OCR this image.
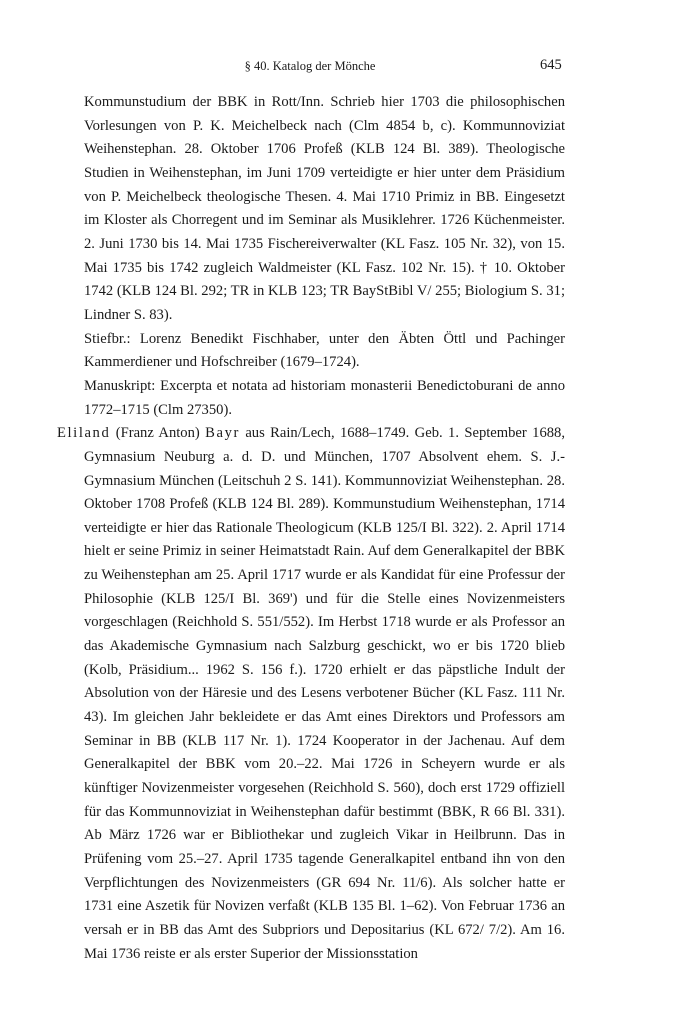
§ 40. Katalog der Mönche	645

Kommunstudium der BBK in Rott/Inn. Schrieb hier 1703 die philosophischen Vorlesungen von P. K. Meichelbeck nach (Clm 4854 b, c). Kommunnoviziat Weihenstephan. 28. Oktober 1706 Profeß (KLB 124 Bl. 389). Theologische Studien in Weihenstephan, im Juni 1709 verteidigte er hier unter dem Präsidium von P. Meichelbeck theologische Thesen. 4. Mai 1710 Primiz in BB. Eingesetzt im Kloster als Chorregent und im Seminar als Musiklehrer. 1726 Küchenmeister. 2. Juni 1730 bis 14. Mai 1735 Fischereiverwalter (KL Fasz. 105 Nr. 32), von 15. Mai 1735 bis 1742 zugleich Waldmeister (KL Fasz. 102 Nr. 15). † 10. Oktober 1742 (KLB 124 Bl. 292; TR in KLB 123; TR BayStBibl V/ 255; Biologium S. 31; Lindner S. 83).

Stiefbr.: Lorenz Benedikt Fischhaber, unter den Äbten Öttl und Pachinger Kammerdiener und Hofschreiber (1679–1724).

Manuskript: Excerpta et notata ad historiam monasterii Benedictoburani de anno 1772–1715 (Clm 27350).

Eliland (Franz Anton) Bayr aus Rain/Lech, 1688–1749. Geb. 1. September 1688, Gymnasium Neuburg a. d. D. und München, 1707 Absolvent ehem. S. J.-Gymnasium München (Leitschuh 2 S. 141). Kommunnoviziat Weihenstephan. 28. Oktober 1708 Profeß (KLB 124 Bl. 289). Kommunstudium Weihenstephan, 1714 verteidigte er hier das Rationale Theologicum (KLB 125/I Bl. 322). 2. April 1714 hielt er seine Primiz in seiner Heimatstadt Rain. Auf dem Generalkapitel der BBK zu Weihenstephan am 25. April 1717 wurde er als Kandidat für eine Professur der Philosophie (KLB 125/I Bl. 369') und für die Stelle eines Novizenmeisters vorgeschlagen (Reichhold S. 551/552). Im Herbst 1718 wurde er als Professor an das Akademische Gymnasium nach Salzburg geschickt, wo er bis 1720 blieb (Kolb, Präsidium... 1962 S. 156 f.). 1720 erhielt er das päpstliche Indult der Absolution von der Häresie und des Lesens verbotener Bücher (KL Fasz. 111 Nr. 43). Im gleichen Jahr bekleidete er das Amt eines Direktors und Professors am Seminar in BB (KLB 117 Nr. 1). 1724 Kooperator in der Jachenau. Auf dem Generalkapitel der BBK vom 20.–22. Mai 1726 in Scheyern wurde er als künftiger Novizenmeister vorgesehen (Reichhold S. 560), doch erst 1729 offiziell für das Kommunnoviziat in Weihenstephan dafür bestimmt (BBK, R 66 Bl. 331). Ab März 1726 war er Bibliothekar und zugleich Vikar in Heilbrunn. Das in Prüfening vom 25.–27. April 1735 tagende Generalkapitel entband ihn von den Verpflichtungen des Novizenmeisters (GR 694 Nr. 11/6). Als solcher hatte er 1731 eine Aszetik für Novizen verfaßt (KLB 135 Bl. 1–62). Von Februar 1736 an versah er in BB das Amt des Subpriors und Depositarius (KL 672/ 7/2). Am 16. Mai 1736 reiste er als erster Superior der Missionsstation
